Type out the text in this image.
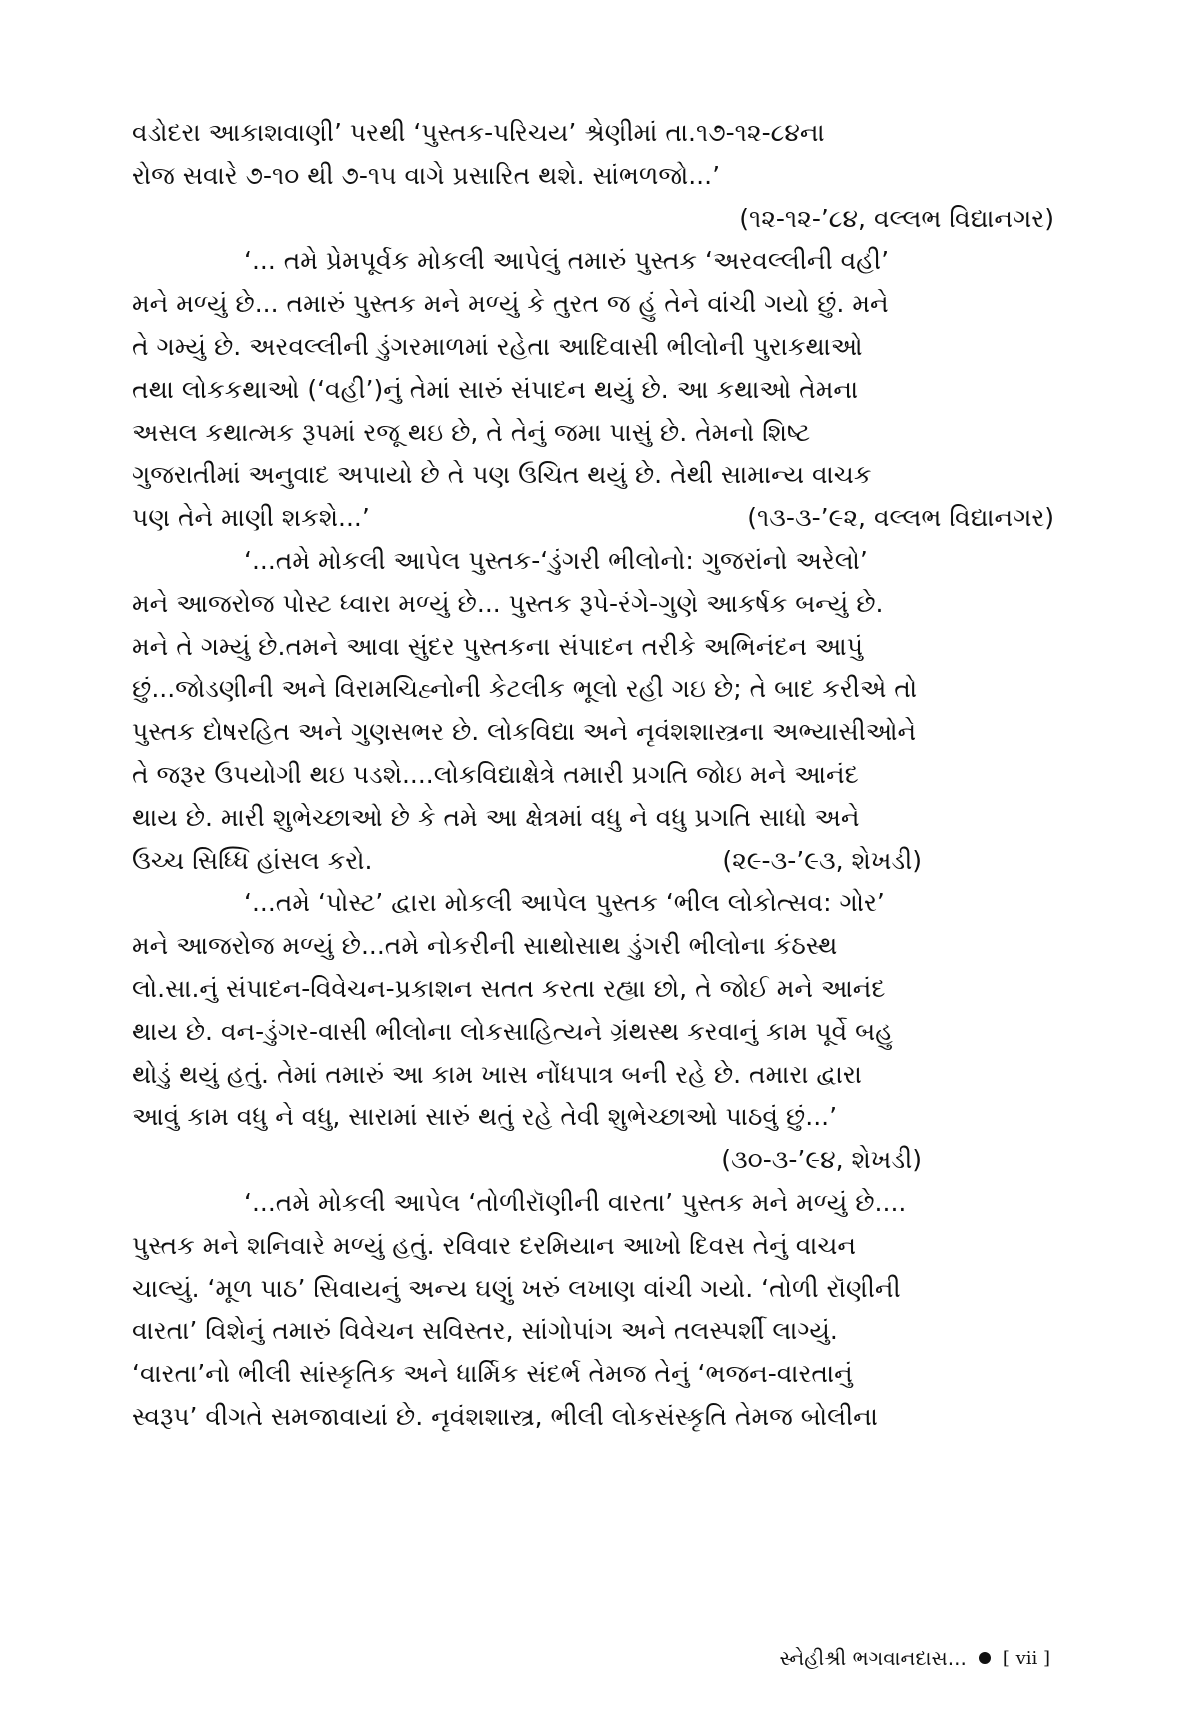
વડોદરા આકાશવાણી’ પરથી ‘પુસ્તક-પરિચય’ શ્રેણીમાં તા.૧૭-૧૨-૮૪ના
રોજ સવારે ૭-૧૦ થી ૭-૧૫ વાગે પ્રસારિત થશે. સાંભળજો...’
(૧૨-૧૨-’૮૪, વલ્લભ વિદ્યાનગર)
‘... તમે પ્રેમપૂર્વક મોકલી આપેલું તમારું પુસ્તક ‘અરવલ્લીની વહી’
મને મળ્યું છે... તમારું પુસ્તક મને મળ્યું કે તુરત જ હું તેને વાંચી ગયો છું. મને
તે ગમ્યું છે. અરવલ્લીની ડુંગરમાળમાં રહેતા આદિવાસી ભીલોની પુરાકથાઓ
તથા લોકકથાઓ (‘વહી’)નું તેમાં સારું સંપાદન થયું છે. આ કથાઓ તેમના
અસલ કથાત્મક રૂપમાં રજૂ થઇ છે, તે તેનું જમા પાસું છે. તેમનો શિષ્ટ
ગુજરાતીમાં અનુવાદ અપાયો છે તે પણ ઉચિત થયું છે. તેથી સામાન્ય વાચક
પણ તેને માણી શકશે...’	(૧૩-૩-’૯૨, વલ્લભ વિદ્યાનગર)
‘...તમે મોકલી આપેલ પુસ્તક-‘ડુંગરી ભીલોનો: ગુજરાંનો અરેલો’
મને આજરોજ પોસ્ટ ધ્વારા મળ્યું છે... પુસ્તક રૂપે-રંગે-ગુણે આકર્ષક બન્યું છે.
મને તે ગમ્યું છે.તમને આવા સુંદર પુસ્તકના સંપાદન તરીકે અભિનંદન આપું
છું...જોડણીની અને વિરામચિહ્નોની કેટલીક ભૂલો રહી ગઇ છે; તે બાદ કરીએ તો
પુસ્તક દોષરહિત અને ગુણસભર છે. લોકવિદ્યા અને નૃવંશશાસ્ત્રના અભ્યાસીઓને
તે જરૂર ઉપયોગી થઇ પડશે....લોકવિદ્યાક્ષેત્રે તમારી પ્રગતિ જોઇ મને આનંદ
થાય છે. મારી શુભેચ્છાઓ છે કે તમે આ ક્ષેત્રમાં વધુ ને વધુ પ્રગતિ સાધો અને
ઉચ્ચ સિધ્ધિ હાંસલ કરો.	(૨૯-૩-’૯૩, શેખડી)
‘...તમે ‘પોસ્ટ’ દ્વારા મોકલી આપેલ પુસ્તક ‘ભીલ લોકોત્સવ: ગોર’
મને આજરોજ મળ્યું છે...તમે નોકરીની સાથોસાથ ડુંગરી ભીલોના કંઠસ્થ
લો.સા.નું સંપાદન-વિવેચન-પ્રકાશન સતત કરતા રહ્યા છો, તે જોઈ મને આનંદ
થાય છે. વન-ડુંગર-વાસી ભીલોના લોકસાહિત્યને ગ્રંથસ્થ કરવાનું કામ પૂર્વે બહુ
થોડું થયું હતું. તેમાં તમારું આ કામ ખાસ નોંધપાત્ર બની રહે છે. તમારા દ્વારા
આવું કામ વધુ ને વધુ, સારામાં સારું થતું રહે તેવી શુભેચ્છાઓ પાઠવું છું...’
(૩૦-૩-’૯૪, શેખડી)
‘...તમે મોકલી આપેલ ‘તોળીરૉણીની વારતા’ પુસ્તક મને મળ્યું છે....
પુસ્તક મને શનિવારે મળ્યું હતું. રવિવાર દરમિયાન આખો દિવસ તેનું વાચન
ચાલ્યું. ‘મૂળ પાઠ’ સિવાયનું અન્ય ઘણું ખરું લખાણ વાંચી ગયો. ‘તોળી રૉણીની
વારતા’ વિશેનું તમારું વિવેચન સવિસ્તર, સાંગોપાંગ અને તલસ્પર્શી લાગ્યું.
‘વારતા’નો ભીલી સાંસ્કૃતિક અને ધાર્મિક સંદર્ભ તેમજ તેનું ‘ભજન-વારતાનું
સ્વરૂપ’ વીગતે સમજાવાયાં છે. નૃવંશશાસ્ત્ર, ભીલી લોકસંસ્કૃતિ તેમજ બોલીના
સ્નેહીશ્રી ભગવાનદાસ... [ vii ]
